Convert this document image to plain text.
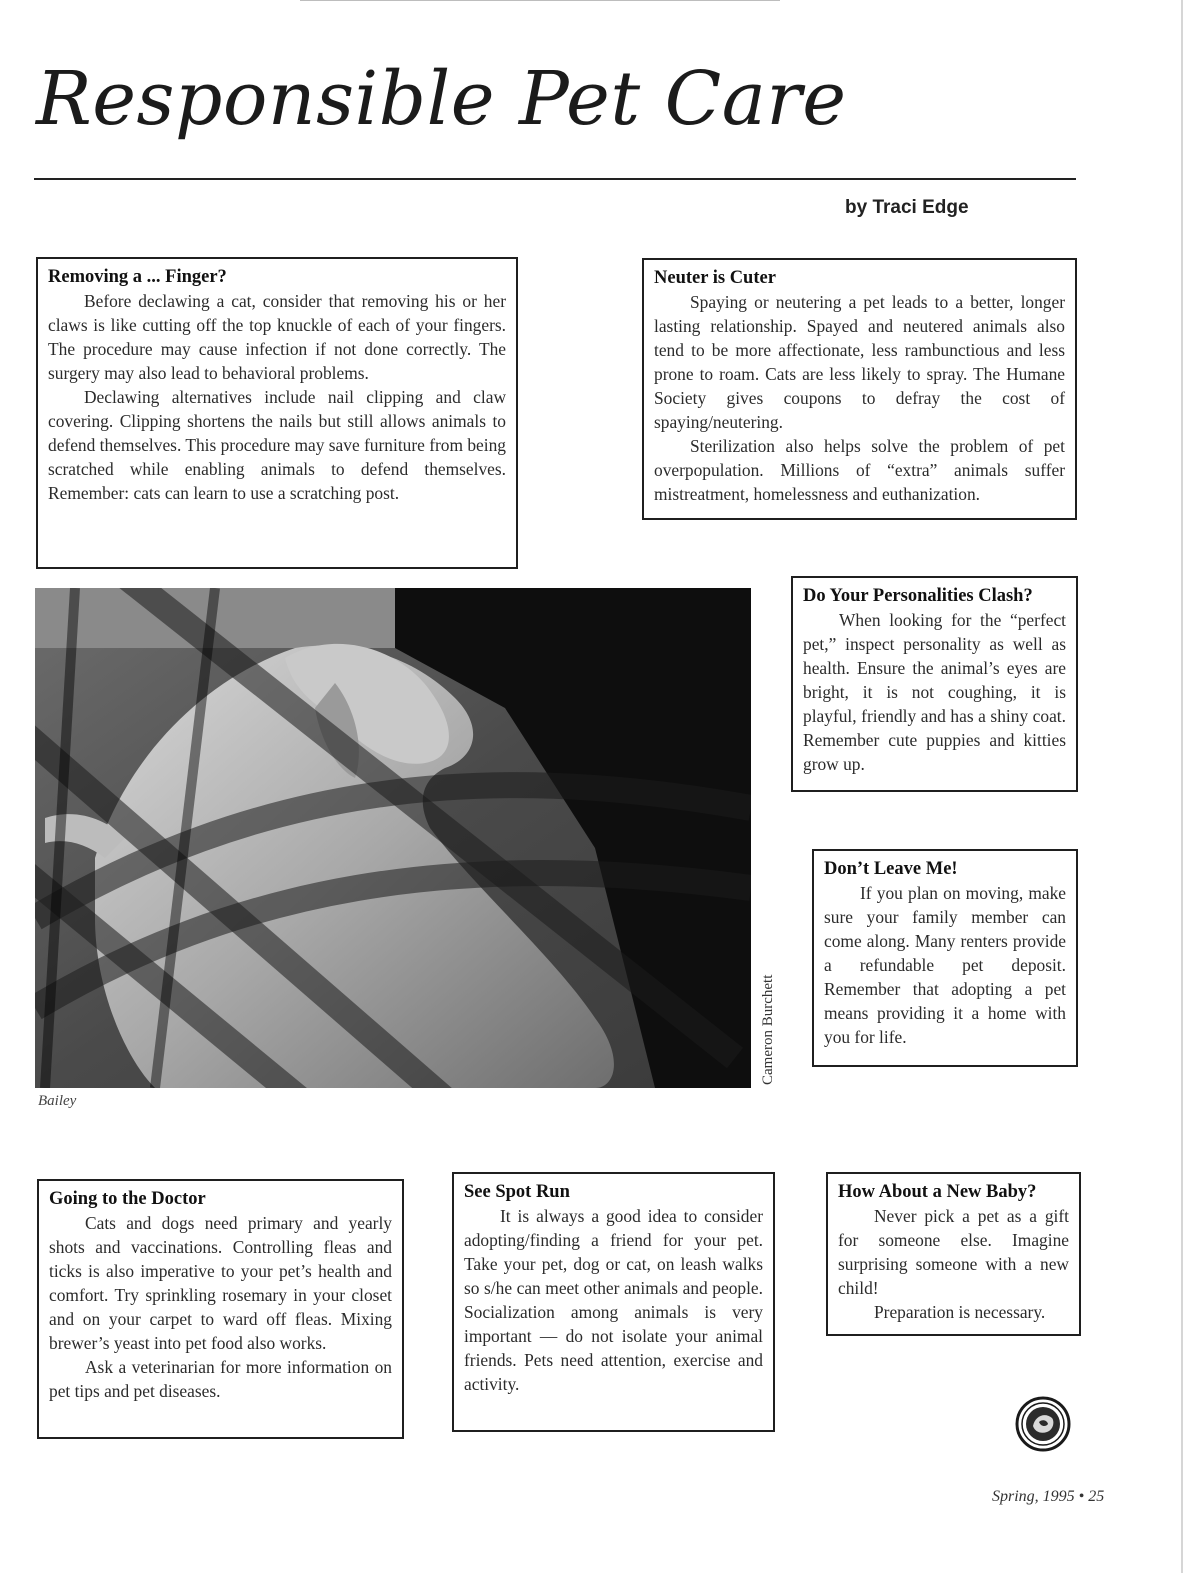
Responsible Pet Care
by Traci Edge
Removing a ... Finger?

Before declawing a cat, consider that removing his or her claws is like cutting off the top knuckle of each of your fingers. The procedure may cause infection if not done correctly. The surgery may also lead to behavioral problems.

Declawing alternatives include nail clipping and claw covering. Clipping shortens the nails but still allows animals to defend themselves. This procedure may save furniture from being scratched while enabling animals to defend themselves. Remember: cats can learn to use a scratching post.

Neuter is Cuter

Spaying or neutering a pet leads to a better, longer lasting relationship. Spayed and neutered animals also tend to be more affectionate, less rambunctious and less prone to roam. Cats are less likely to spray. The Humane Society gives coupons to defray the cost of spaying/neutering.

Sterilization also helps solve the problem of pet overpopulation. Millions of “extra” animals suffer mistreatment, homelessness and euthanization.

Cameron Burchett
Bailey
Do Your Personalities Clash?

When looking for the “perfect pet,” inspect personality as well as health. Ensure the animal’s eyes are bright, it is not coughing, it is playful, friendly and has a shiny coat. Remember cute puppies and kitties grow up.

Don’t Leave Me!

If you plan on moving, make sure your family member can come along. Many renters provide a refundable pet deposit. Remember that adopting a pet means providing it a home with you for life.

Going to the Doctor

Cats and dogs need primary and yearly shots and vaccinations. Controlling fleas and ticks is also imperative to your pet’s health and comfort. Try sprinkling rosemary in your closet and on your carpet to ward off fleas. Mixing brewer’s yeast into pet food also works.

Ask a veterinarian for more information on pet tips and pet diseases.

See Spot Run

It is always a good idea to consider adopting/finding a friend for your pet. Take your pet, dog or cat, on leash walks so s/he can meet other animals and people. Socialization among animals is very important — do not isolate your animal friends. Pets need attention, exercise and activity.

How About a New Baby?

Never pick a pet as a gift for someone else. Imagine surprising someone with a new child!

Preparation is necessary.

Spring, 1995 • 25
